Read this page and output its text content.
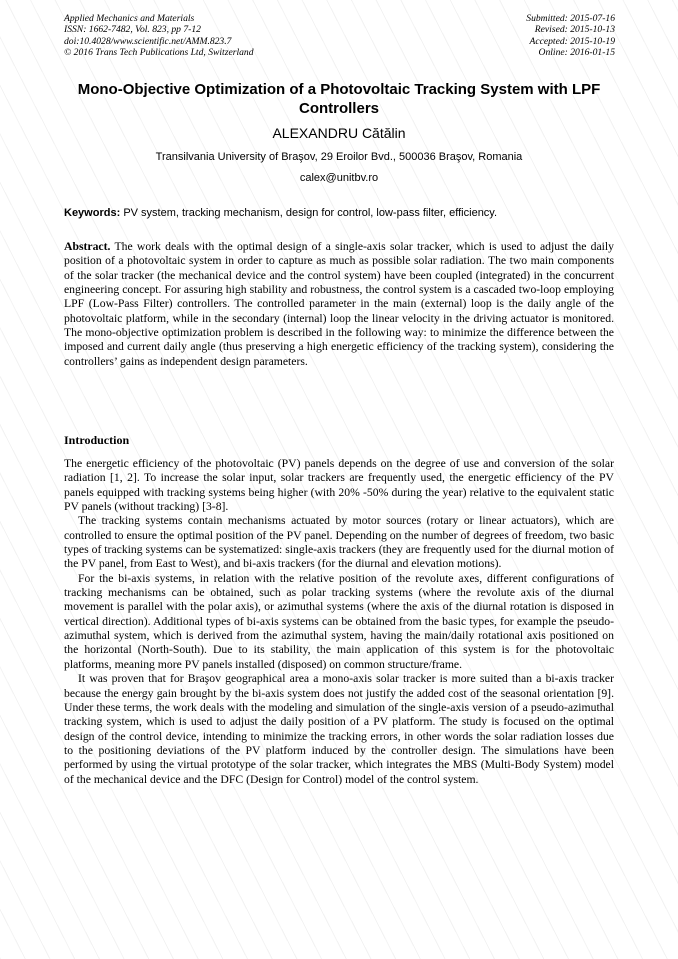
Applied Mechanics and Materials
ISSN: 1662-7482, Vol. 823, pp 7-12
doi:10.4028/www.scientific.net/AMM.823.7
© 2016 Trans Tech Publications Ltd, Switzerland
Submitted: 2015-07-16
Revised: 2015-10-13
Accepted: 2015-10-19
Online: 2016-01-15
Mono-Objective Optimization of a Photovoltaic Tracking System with LPF Controllers
ALEXANDRU Cătălin
Transilvania University of Braşov, 29 Eroilor Bvd., 500036 Braşov, Romania
calex@unitbv.ro
Keywords: PV system, tracking mechanism, design for control, low-pass filter, efficiency.
Abstract. The work deals with the optimal design of a single-axis solar tracker, which is used to adjust the daily position of a photovoltaic system in order to capture as much as possible solar radiation. The two main components of the solar tracker (the mechanical device and the control system) have been coupled (integrated) in the concurrent engineering concept. For assuring high stability and robustness, the control system is a cascaded two-loop employing LPF (Low-Pass Filter) controllers. The controlled parameter in the main (external) loop is the daily angle of the photovoltaic platform, while in the secondary (internal) loop the linear velocity in the driving actuator is monitored. The mono-objective optimization problem is described in the following way: to minimize the difference between the imposed and current daily angle (thus preserving a high energetic efficiency of the tracking system), considering the controllers’ gains as independent design parameters.
Introduction

The energetic efficiency of the photovoltaic (PV) panels depends on the degree of use and conversion of the solar radiation [1, 2]. To increase the solar input, solar trackers are frequently used, the energetic efficiency of the PV panels equipped with tracking systems being higher (with 20% -50% during the year) relative to the equivalent static PV panels (without tracking) [3-8].

The tracking systems contain mechanisms actuated by motor sources (rotary or linear actuators), which are controlled to ensure the optimal position of the PV panel. Depending on the number of degrees of freedom, two basic types of tracking systems can be systematized: single-axis trackers (they are frequently used for the diurnal motion of the PV panel, from East to West), and bi-axis trackers (for the diurnal and elevation motions).

For the bi-axis systems, in relation with the relative position of the revolute axes, different configurations of tracking mechanisms can be obtained, such as polar tracking systems (where the revolute axis of the diurnal movement is parallel with the polar axis), or azimuthal systems (where the axis of the diurnal rotation is disposed in vertical direction). Additional types of bi-axis systems can be obtained from the basic types, for example the pseudo-azimuthal system, which is derived from the azimuthal system, having the main/daily rotational axis positioned on the horizontal (North-South). Due to its stability, the main application of this system is for the photovoltaic platforms, meaning more PV panels installed (disposed) on common structure/frame.

It was proven that for Braşov geographical area a mono-axis solar tracker is more suited than a bi-axis tracker because the energy gain brought by the bi-axis system does not justify the added cost of the seasonal orientation [9]. Under these terms, the work deals with the modeling and simulation of the single-axis version of a pseudo-azimuthal tracking system, which is used to adjust the daily position of a PV platform. The study is focused on the optimal design of the control device, intending to minimize the tracking errors, in other words the solar radiation losses due to the positioning deviations of the PV platform induced by the controller design. The simulations have been performed by using the virtual prototype of the solar tracker, which integrates the MBS (Multi-Body System) model of the mechanical device and the DFC (Design for Control) model of the control system.
